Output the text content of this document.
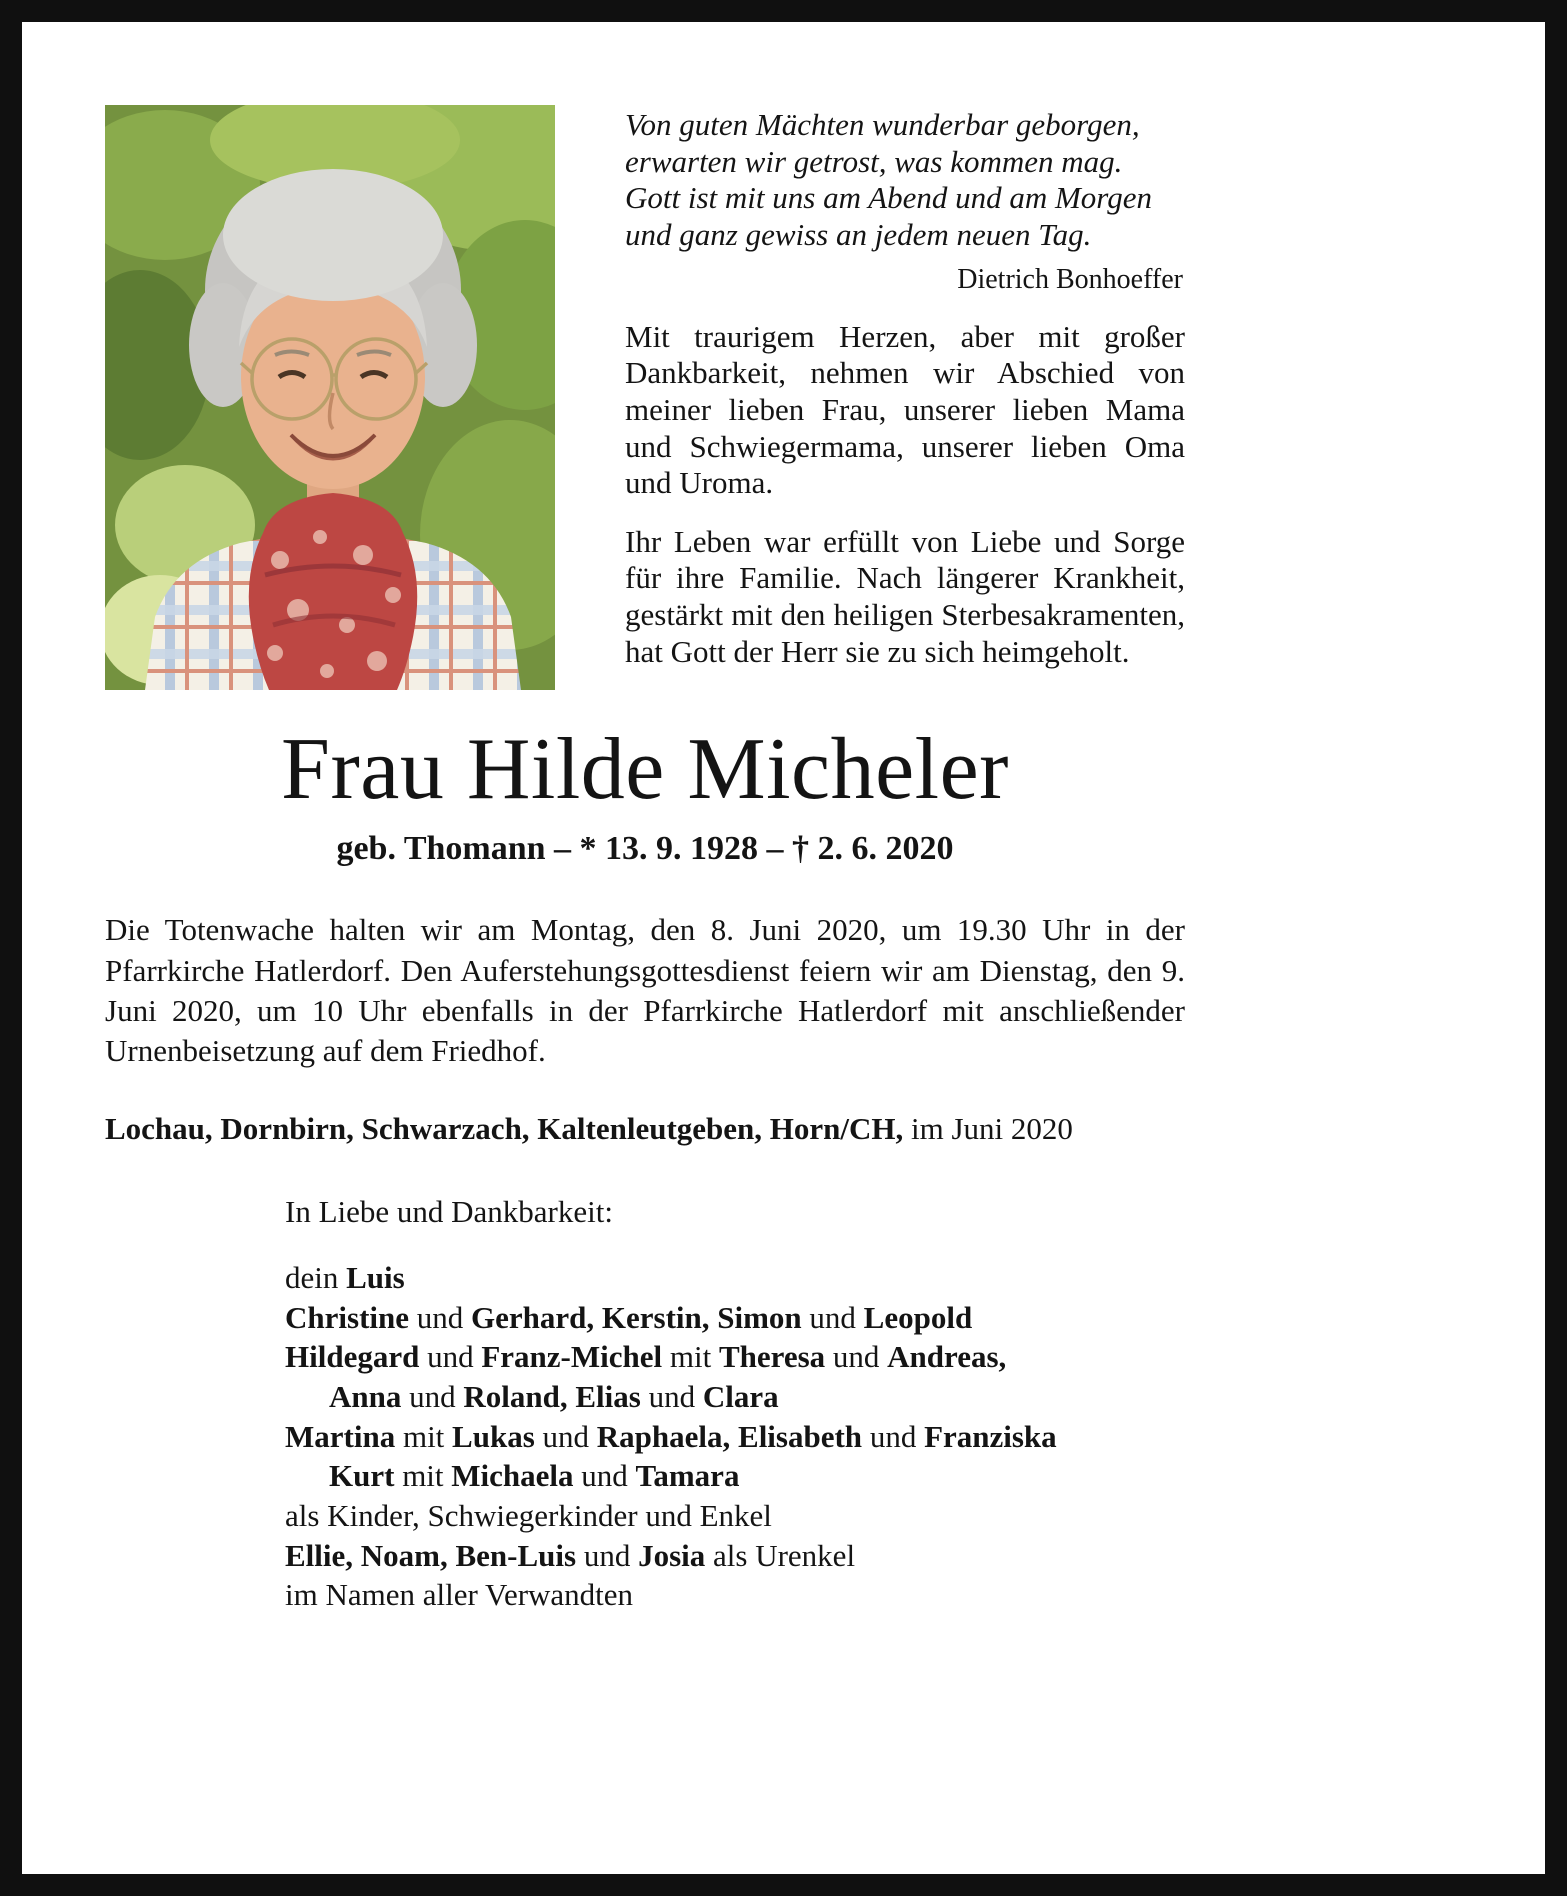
Von guten Mächten wunderbar geborgen,
erwarten wir getrost, was kommen mag.
Gott ist mit uns am Abend und am Morgen
und ganz gewiss an jedem neuen Tag.
Dietrich Bonhoeffer

Mit traurigem Herzen, aber mit großer Dankbarkeit, nehmen wir Abschied von meiner lieben Frau, unserer lieben Mama und Schwiegermama, unserer lieben Oma und Uroma.

Ihr Leben war erfüllt von Liebe und Sorge für ihre Familie. Nach längerer Krankheit, gestärkt mit den heiligen Sterbesakramenten, hat Gott der Herr sie zu sich heimgeholt.

Frau Hilde Micheler
geb. Thomann – * 13. 9. 1928 – † 2. 6. 2020

Die Totenwache halten wir am Montag, den 8. Juni 2020, um 19.30 Uhr in der Pfarrkirche Hatlerdorf. Den Auferstehungsgottesdienst feiern wir am Dienstag, den 9. Juni 2020, um 10 Uhr ebenfalls in der Pfarrkirche Hatlerdorf mit anschließender Urnenbeisetzung auf dem Friedhof.

Lochau, Dornbirn, Schwarzach, Kaltenleutgeben, Horn/CH, im Juni 2020

In Liebe und Dankbarkeit:
dein Luis
Christine und Gerhard, Kerstin, Simon und Leopold
Hildegard und Franz-Michel mit Theresa und Andreas,
Anna und Roland, Elias und Clara
Martina mit Lukas und Raphaela, Elisabeth und Franziska
Kurt mit Michaela und Tamara
als Kinder, Schwiegerkinder und Enkel
Ellie, Noam, Ben-Luis und Josia als Urenkel
im Namen aller Verwandten
